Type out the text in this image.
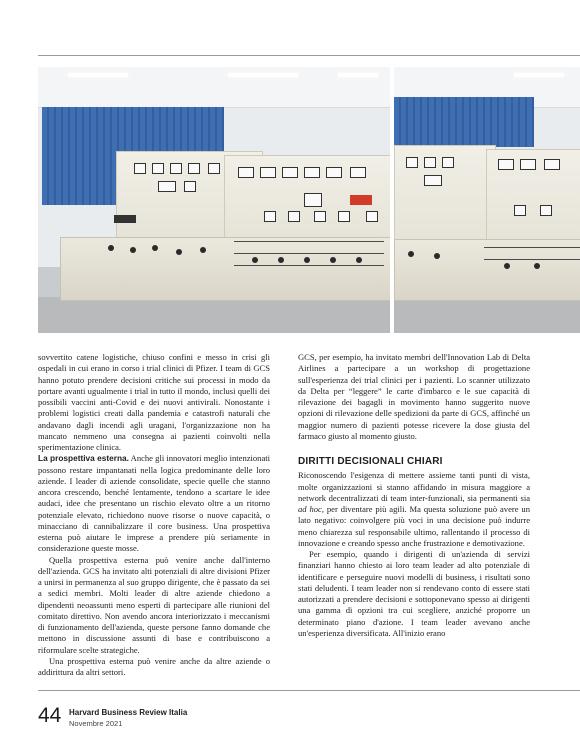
sovvertito catene logistiche, chiuso confini e messo in crisi gli ospedali in cui erano in corso i trial clinici di Pfizer. I team di GCS hanno potuto prendere decisioni critiche sui processi in modo da portare avanti ugualmente i trial in tutto il mondo, inclusi quelli dei possibili vaccini anti-Covid e dei nuovi antivirali. Nonostante i problemi logistici creati dalla pandemia e catastrofi naturali che andavano dagli incendi agli uragani, l'organizzazione non ha mancato nemmeno una consegna ai pazienti coinvolti nella sperimentazione clinica.

La prospettiva esterna. Anche gli innovatori meglio intenzionati possono restare impantanati nella logica predominante delle loro aziende. I leader di aziende consolidate, specie quelle che stanno ancora crescendo, benché lentamente, tendono a scartare le idee audaci, idee che presentano un rischio elevato oltre a un ritorno potenziale elevato, richiedono nuove risorse o nuove capacità, o minacciano di cannibalizzare il core business. Una prospettiva esterna può aiutare le imprese a prendere più seriamente in considerazione queste mosse.

Quella prospettiva esterna può venire anche dall'interno dell'azienda. GCS ha invitato alti potenziali di altre divisioni Pfizer a unirsi in permanenza al suo gruppo dirigente, che è passato da sei a sedici membri. Molti leader di altre aziende chiedono a dipendenti neoassunti meno esperti di partecipare alle riunioni del comitato direttivo. Non avendo ancora interiorizzato i meccanismi di funzionamento dell'azienda, queste persone fanno domande che mettono in discussione assunti di base e contribuiscono a riformulare scelte strategiche.

Una prospettiva esterna può venire anche da altre aziende o addirittura da altri settori.

GCS, per esempio, ha invitato membri dell'Innovation Lab di Delta Airlines a partecipare a un workshop di progettazione sull'esperienza dei trial clinici per i pazienti. Lo scanner utilizzato da Delta per “leggere” le carte d'imbarco e le sue capacità di rilevazione dei bagagli in movimento hanno suggerito nuove opzioni di rilevazione delle spedizioni da parte di GCS, affinché un maggior numero di pazienti potesse ricevere la dose giusta del farmaco giusto al momento giusto.

DIRITTI DECISIONALI CHIARI

Riconoscendo l'esigenza di mettere assieme tanti punti di vista, molte organizzazioni si stanno affidando in misura maggiore a network decentralizzati di team inter-funzionali, sia permanenti sia ad hoc, per diventare più agili. Ma questa soluzione può avere un lato negativo: coinvolgere più voci in una decisione può indurre meno chiarezza sul responsabile ultimo, rallentando il processo di innovazione e creando spesso anche frustrazione e demotivazione.

Per esempio, quando i dirigenti di un'azienda di servizi finanziari hanno chiesto ai loro team leader ad alto potenziale di identificare e perseguire nuovi modelli di business, i risultati sono stati deludenti. I team leader non si rendevano conto di essere stati autorizzati a prendere decisioni e sottoponevano spesso ai dirigenti una gamma di opzioni tra cui scegliere, anziché proporre un determinato piano d'azione. I team leader avevano anche un'esperienza diversificata. All'inizio erano

44 Harvard Business Review Italia
Novembre 2021
